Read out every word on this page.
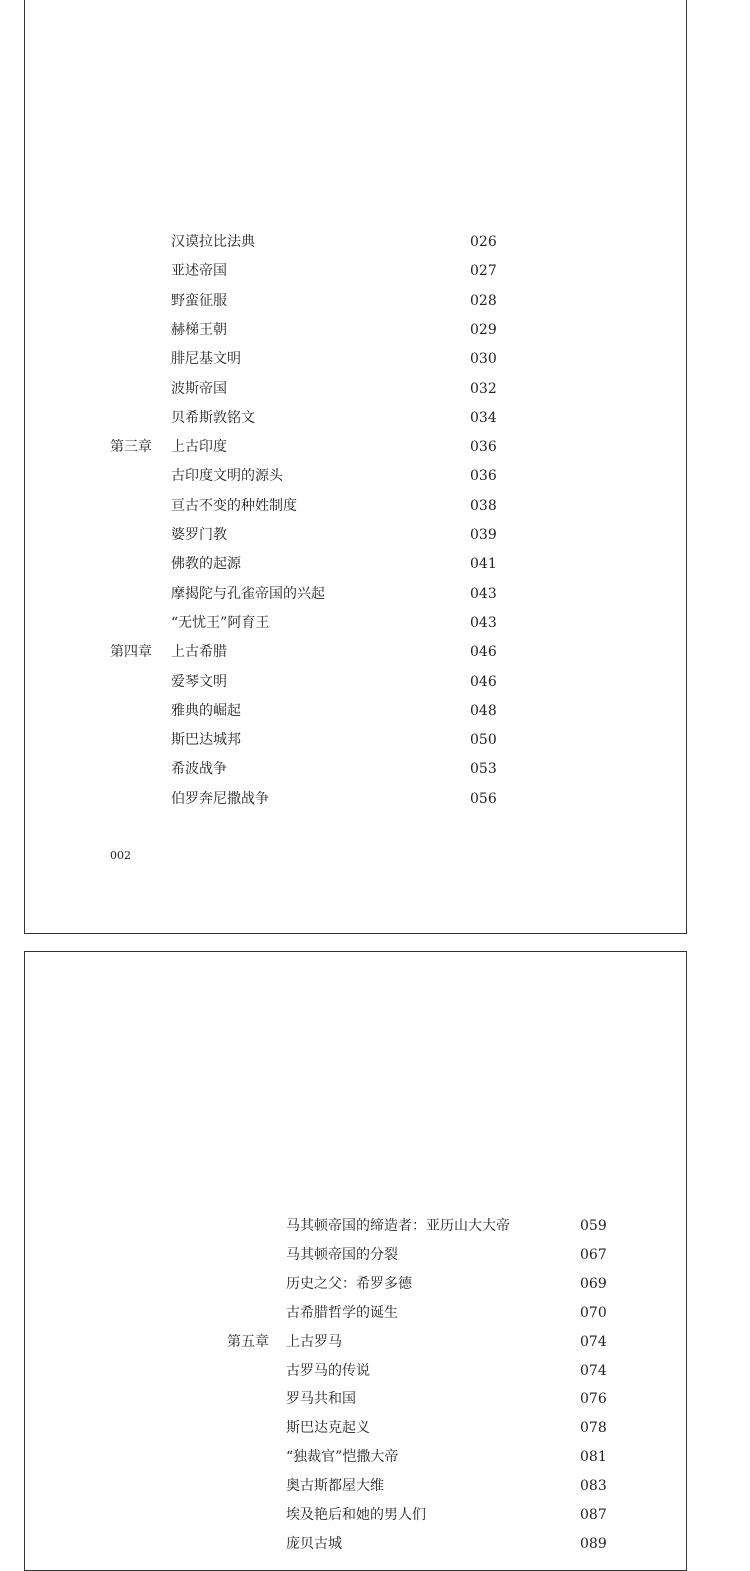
汉谟拉比法典	026
亚述帝国	027
野蛮征服	028
赫梯王朝	029
腓尼基文明	030
波斯帝国	032
贝希斯敦铭文	034
第三章 上古印度	036
古印度文明的源头	036
亘古不变的种姓制度	038
婆罗门教	039
佛教的起源	041
摩揭陀与孔雀帝国的兴起	043
“无忧王”阿育王	043
第四章 上古希腊	046
爱琴文明	046
雅典的崛起	048
斯巴达城邦	050
希波战争	053
伯罗奔尼撒战争	056
002
马其顿帝国的缔造者：亚历山大大帝	059
马其顿帝国的分裂	067
历史之父：希罗多德	069
古希腊哲学的诞生	070
第五章 上古罗马	074
古罗马的传说	074
罗马共和国	076
斯巴达克起义	078
“独裁官”恺撒大帝	081
奥古斯都屋大维	083
埃及艳后和她的男人们	087
庞贝古城	089
